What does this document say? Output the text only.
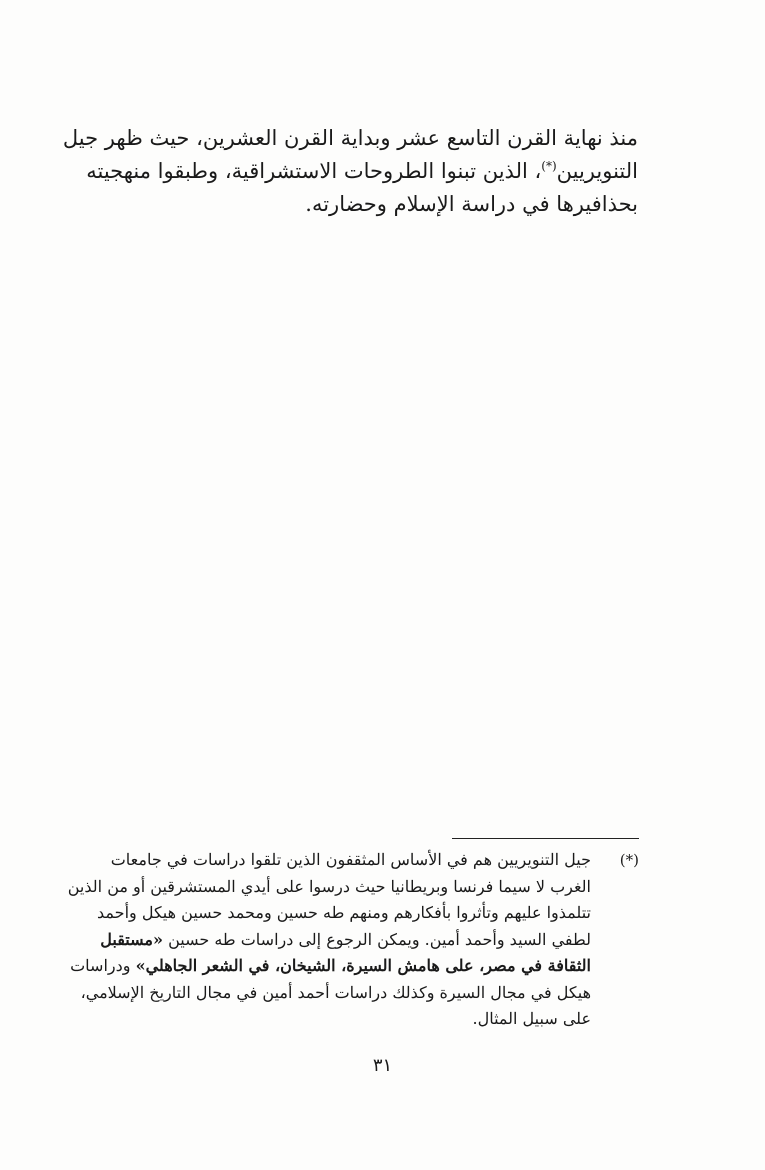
منذ نهاية القرن التاسع عشر وبداية القرن العشرين، حيث ظهر جيل
التنويريين(*)، الذين تبنوا الطروحات الاستشراقية، وطبقوا منهجيته
بحذافيرها في دراسة الإسلام وحضارته.
(*)
جيل التنويريين هم في الأساس المثقفون الذين تلقوا دراسات في جامعات
الغرب لا سيما فرنسا وبريطانيا حيث درسوا على أيدي المستشرقين أو من الذين
تتلمذوا عليهم وتأثروا بأفكارهم ومنهم طه حسين ومحمد حسين هيكل وأحمد
لطفي السيد وأحمد أمين. ويمكن الرجوع إلى دراسات طه حسين «مستقبل
الثقافة في مصر، على هامش السيرة، الشيخان، في الشعر الجاهلي» ودراسات
هيكل في مجال السيرة وكذلك دراسات أحمد أمين في مجال التاريخ الإسلامي،
على سبيل المثال.
٣١
